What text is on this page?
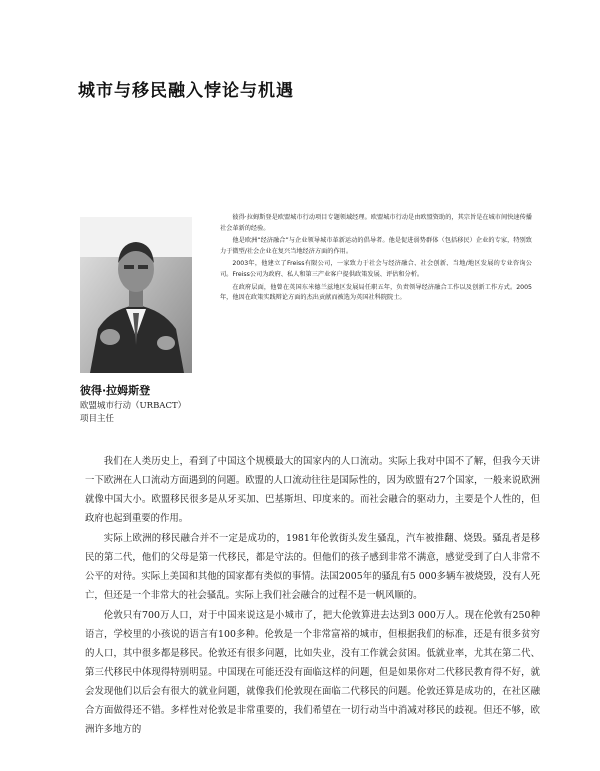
城市与移民融入悖论与机遇
彼得·拉姆斯登
欧盟城市行动（URBACT）
项目主任

彼得·拉姆斯登是欧盟城市行动项目专题领域经理。欧盟城市行动是由欧盟资助的，其宗旨是在城市间快速传播社会革新的经验。

他是欧洲“经济融合”与企业领导城市革新运动的倡导者。他是促进弱势群体（包括移民）企业的专家，特别致力于微型/社会企业在复兴当地经济方面的作用。

2003年，他建立了Freiss有限公司，一家致力于社会与经济融合、社会创新、当地/地区发展的专业咨询公司。Freiss公司为政府、私人和第三产业客户提供政策发展、评估和分析。

在政府层面，他曾在英国东米德兰兹地区发展局任职五年，负责领导经济融合工作以及创新工作方式。2005年，他因在政策实践辩论方面的杰出贡献而被选为英国社科院院士。

我们在人类历史上，看到了中国这个规模最大的国家内的人口流动。实际上我对中国不了解，但我今天讲一下欧洲在人口流动方面遇到的问题。欧盟的人口流动往往是国际性的，因为欧盟有27个国家，一般来说欧洲就像中国大小。欧盟移民很多是从牙买加、巴基斯坦、印度来的。而社会融合的驱动力，主要是个人性的，但政府也起到重要的作用。

实际上欧洲的移民融合并不一定是成功的，1981年伦敦街头发生骚乱，汽车被推翻、烧毁。骚乱者是移民的第二代，他们的父母是第一代移民，都是守法的。但他们的孩子感到非常不满意，感觉受到了白人非常不公平的对待。实际上美国和其他的国家都有类似的事情。法国2005年的骚乱有5 000多辆车被烧毁，没有人死亡，但还是一个非常大的社会骚乱。实际上我们社会融合的过程不是一帆风顺的。

伦敦只有700万人口，对于中国来说这是小城市了，把大伦敦算进去达到3 000万人。现在伦敦有250种语言，学校里的小孩说的语言有100多种。伦敦是一个非常富裕的城市，但根据我们的标准，还是有很多贫穷的人口，其中很多都是移民。伦敦还有很多问题，比如失业，没有工作就会贫困。低就业率，尤其在第二代、第三代移民中体现得特别明显。中国现在可能还没有面临这样的问题，但是如果你对二代移民教育得不好，就会发现他们以后会有很大的就业问题，就像我们伦敦现在面临二代移民的问题。伦敦还算是成功的，在社区融合方面做得还不错。多样性对伦敦是非常重要的，我们希望在一切行动当中消减对移民的歧视。但还不够，欧洲许多地方的
